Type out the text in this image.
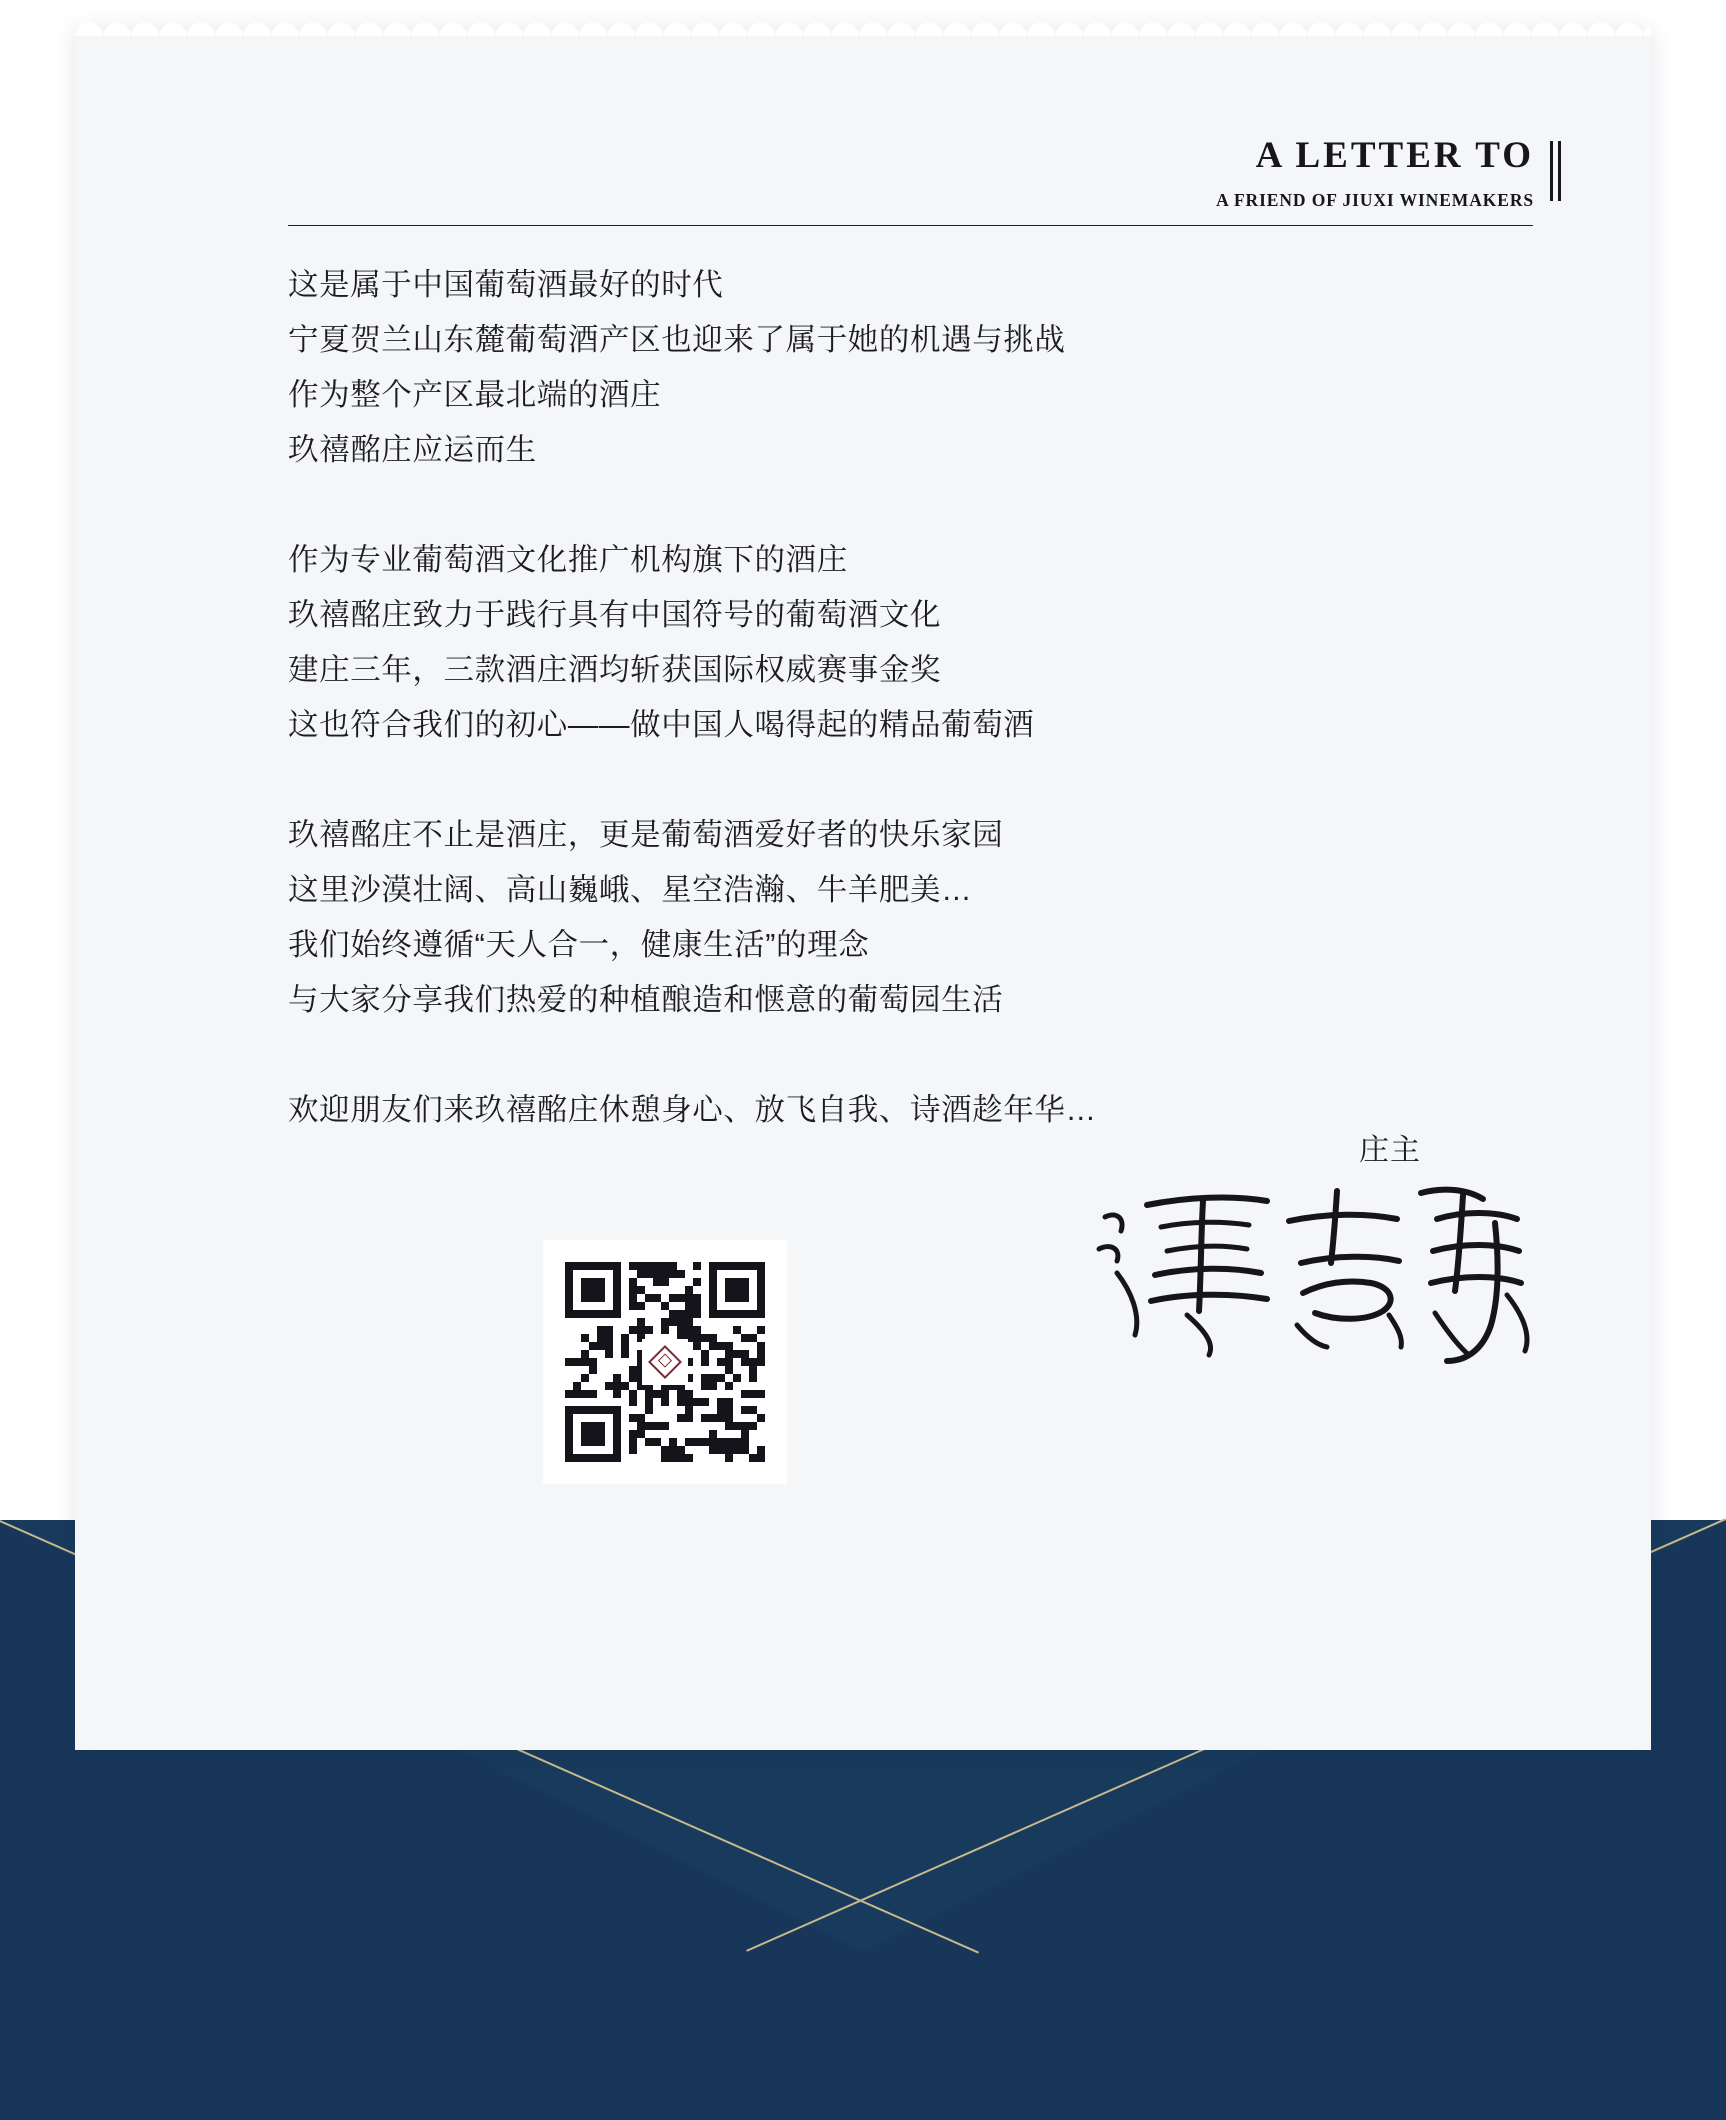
A LETTER TO
A FRIEND OF JIUXI WINEMAKERS

这是属于中国葡萄酒最好的时代
宁夏贺兰山东麓葡萄酒产区也迎来了属于她的机遇与挑战
作为整个产区最北端的酒庄
玖禧酩庄应运而生

作为专业葡萄酒文化推广机构旗下的酒庄
玖禧酩庄致力于践行具有中国符号的葡萄酒文化
建庄三年，三款酒庄酒均斩获国际权威赛事金奖
这也符合我们的初心——做中国人喝得起的精品葡萄酒

玖禧酩庄不止是酒庄，更是葡萄酒爱好者的快乐家园
这里沙漠壮阔、高山巍峨、星空浩瀚、牛羊肥美…
我们始终遵循“天人合一，健康生活”的理念
与大家分享我们热爱的种植酿造和惬意的葡萄园生活

欢迎朋友们来玖禧酩庄休憩身心、放飞自我、诗酒趁年华…

庄主
